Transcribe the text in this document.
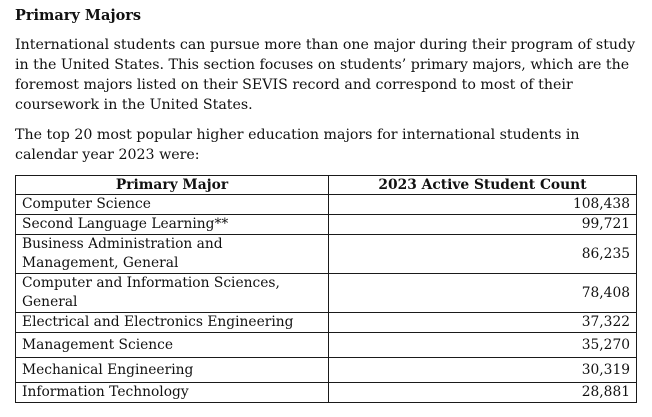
Primary Majors

International students can pursue more than one major during their program of study in the United States. This section focuses on students’ primary majors, which are the foremost majors listed on their SEVIS record and correspond to most of their coursework in the United States.

The top 20 most popular higher education majors for international students in calendar year 2023 were:

Primary Major	2023 Active Student Count
Computer Science	108,438
Second Language Learning**	99,721
Business Administration and Management, General	86,235
Computer and Information Sciences, General	78,408
Electrical and Electronics Engineering	37,322
Management Science	35,270
Mechanical Engineering	30,319
Information Technology	28,881
